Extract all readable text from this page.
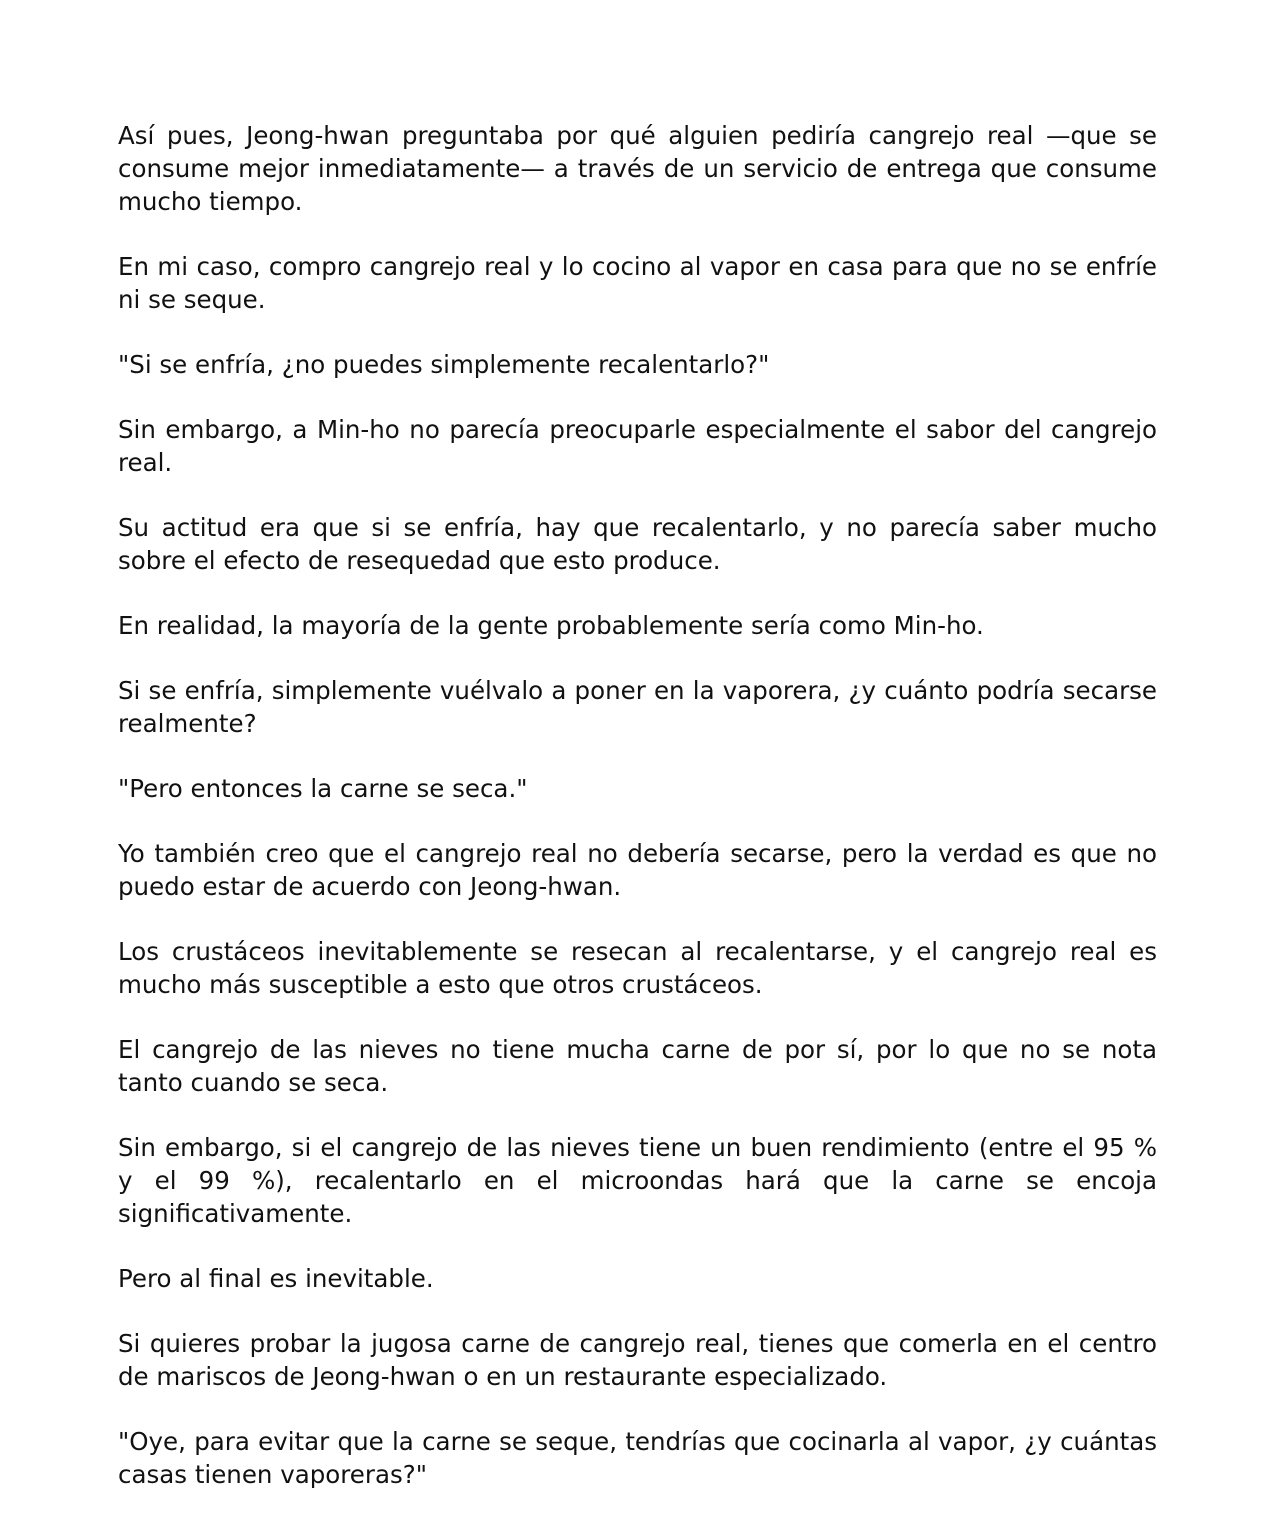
Así pues, Jeong-hwan preguntaba por qué alguien pediría cangrejo real —que se consume mejor inmediatamente— a través de un servicio de entrega que consume mucho tiempo.

En mi caso, compro cangrejo real y lo cocino al vapor en casa para que no se enfríe ni se seque.

"Si se enfría, ¿no puedes simplemente recalentarlo?"

Sin embargo, a Min-ho no parecía preocuparle especialmente el sabor del cangrejo real.

Su actitud era que si se enfría, hay que recalentarlo, y no parecía saber mucho sobre el efecto de resequedad que esto produce.

En realidad, la mayoría de la gente probablemente sería como Min-ho.

Si se enfría, simplemente vuélvalo a poner en la vaporera, ¿y cuánto podría secarse realmente?

"Pero entonces la carne se seca."

Yo también creo que el cangrejo real no debería secarse, pero la verdad es que no puedo estar de acuerdo con Jeong-hwan.

Los crustáceos inevitablemente se resecan al recalentarse, y el cangrejo real es mucho más susceptible a esto que otros crustáceos.

El cangrejo de las nieves no tiene mucha carne de por sí, por lo que no se nota tanto cuando se seca.

Sin embargo, si el cangrejo de las nieves tiene un buen rendimiento (entre el 95 % y el 99 %), recalentarlo en el microondas hará que la carne se encoja significativamente.

Pero al final es inevitable.

Si quieres probar la jugosa carne de cangrejo real, tienes que comerla en el centro de mariscos de Jeong-hwan o en un restaurante especializado.

"Oye, para evitar que la carne se seque, tendrías que cocinarla al vapor, ¿y cuántas casas tienen vaporeras?"
